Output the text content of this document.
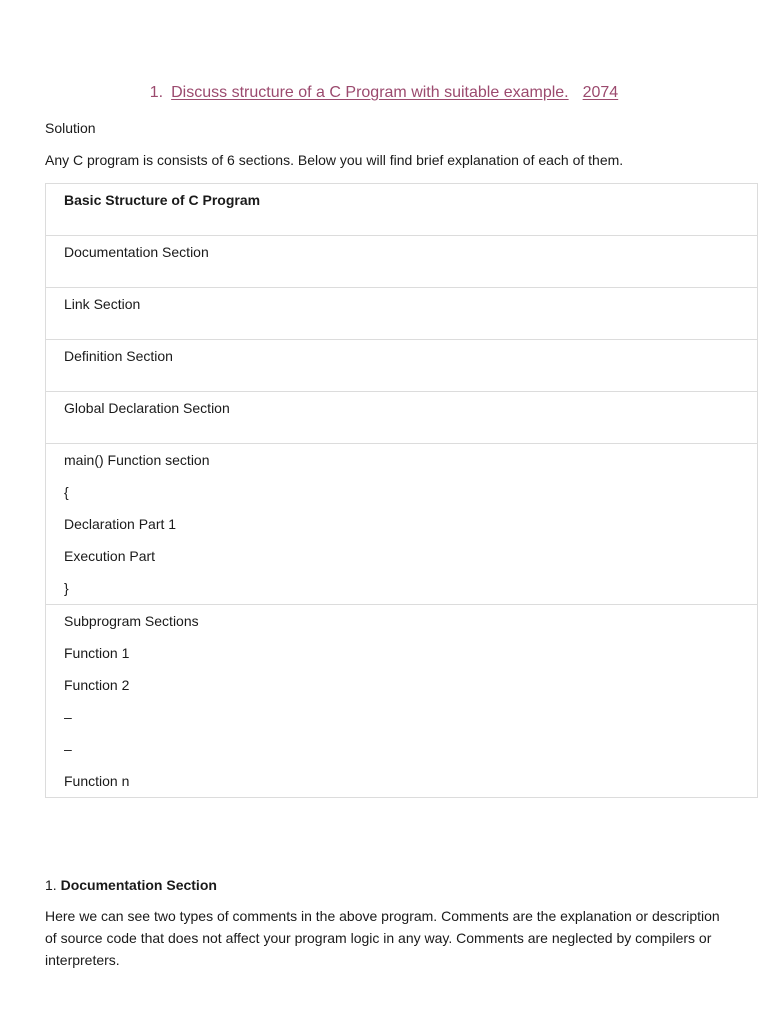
1. Discuss structure of a C Program with suitable example. 2074
Solution
Any C program is consists of 6 sections. Below you will find brief explanation of each of them.
Basic Structure of C Program

Documentation Section

Link Section

Definition Section

Global Declaration Section

main() Function section
{
Declaration Part 1
Execution Part
}

Subprogram Sections
Function 1
Function 2
–
–
Function n
1. Documentation Section
Here we can see two types of comments in the above program. Comments are the explanation or description of source code that does not affect your program logic in any way. Comments are neglected by compilers or interpreters.
